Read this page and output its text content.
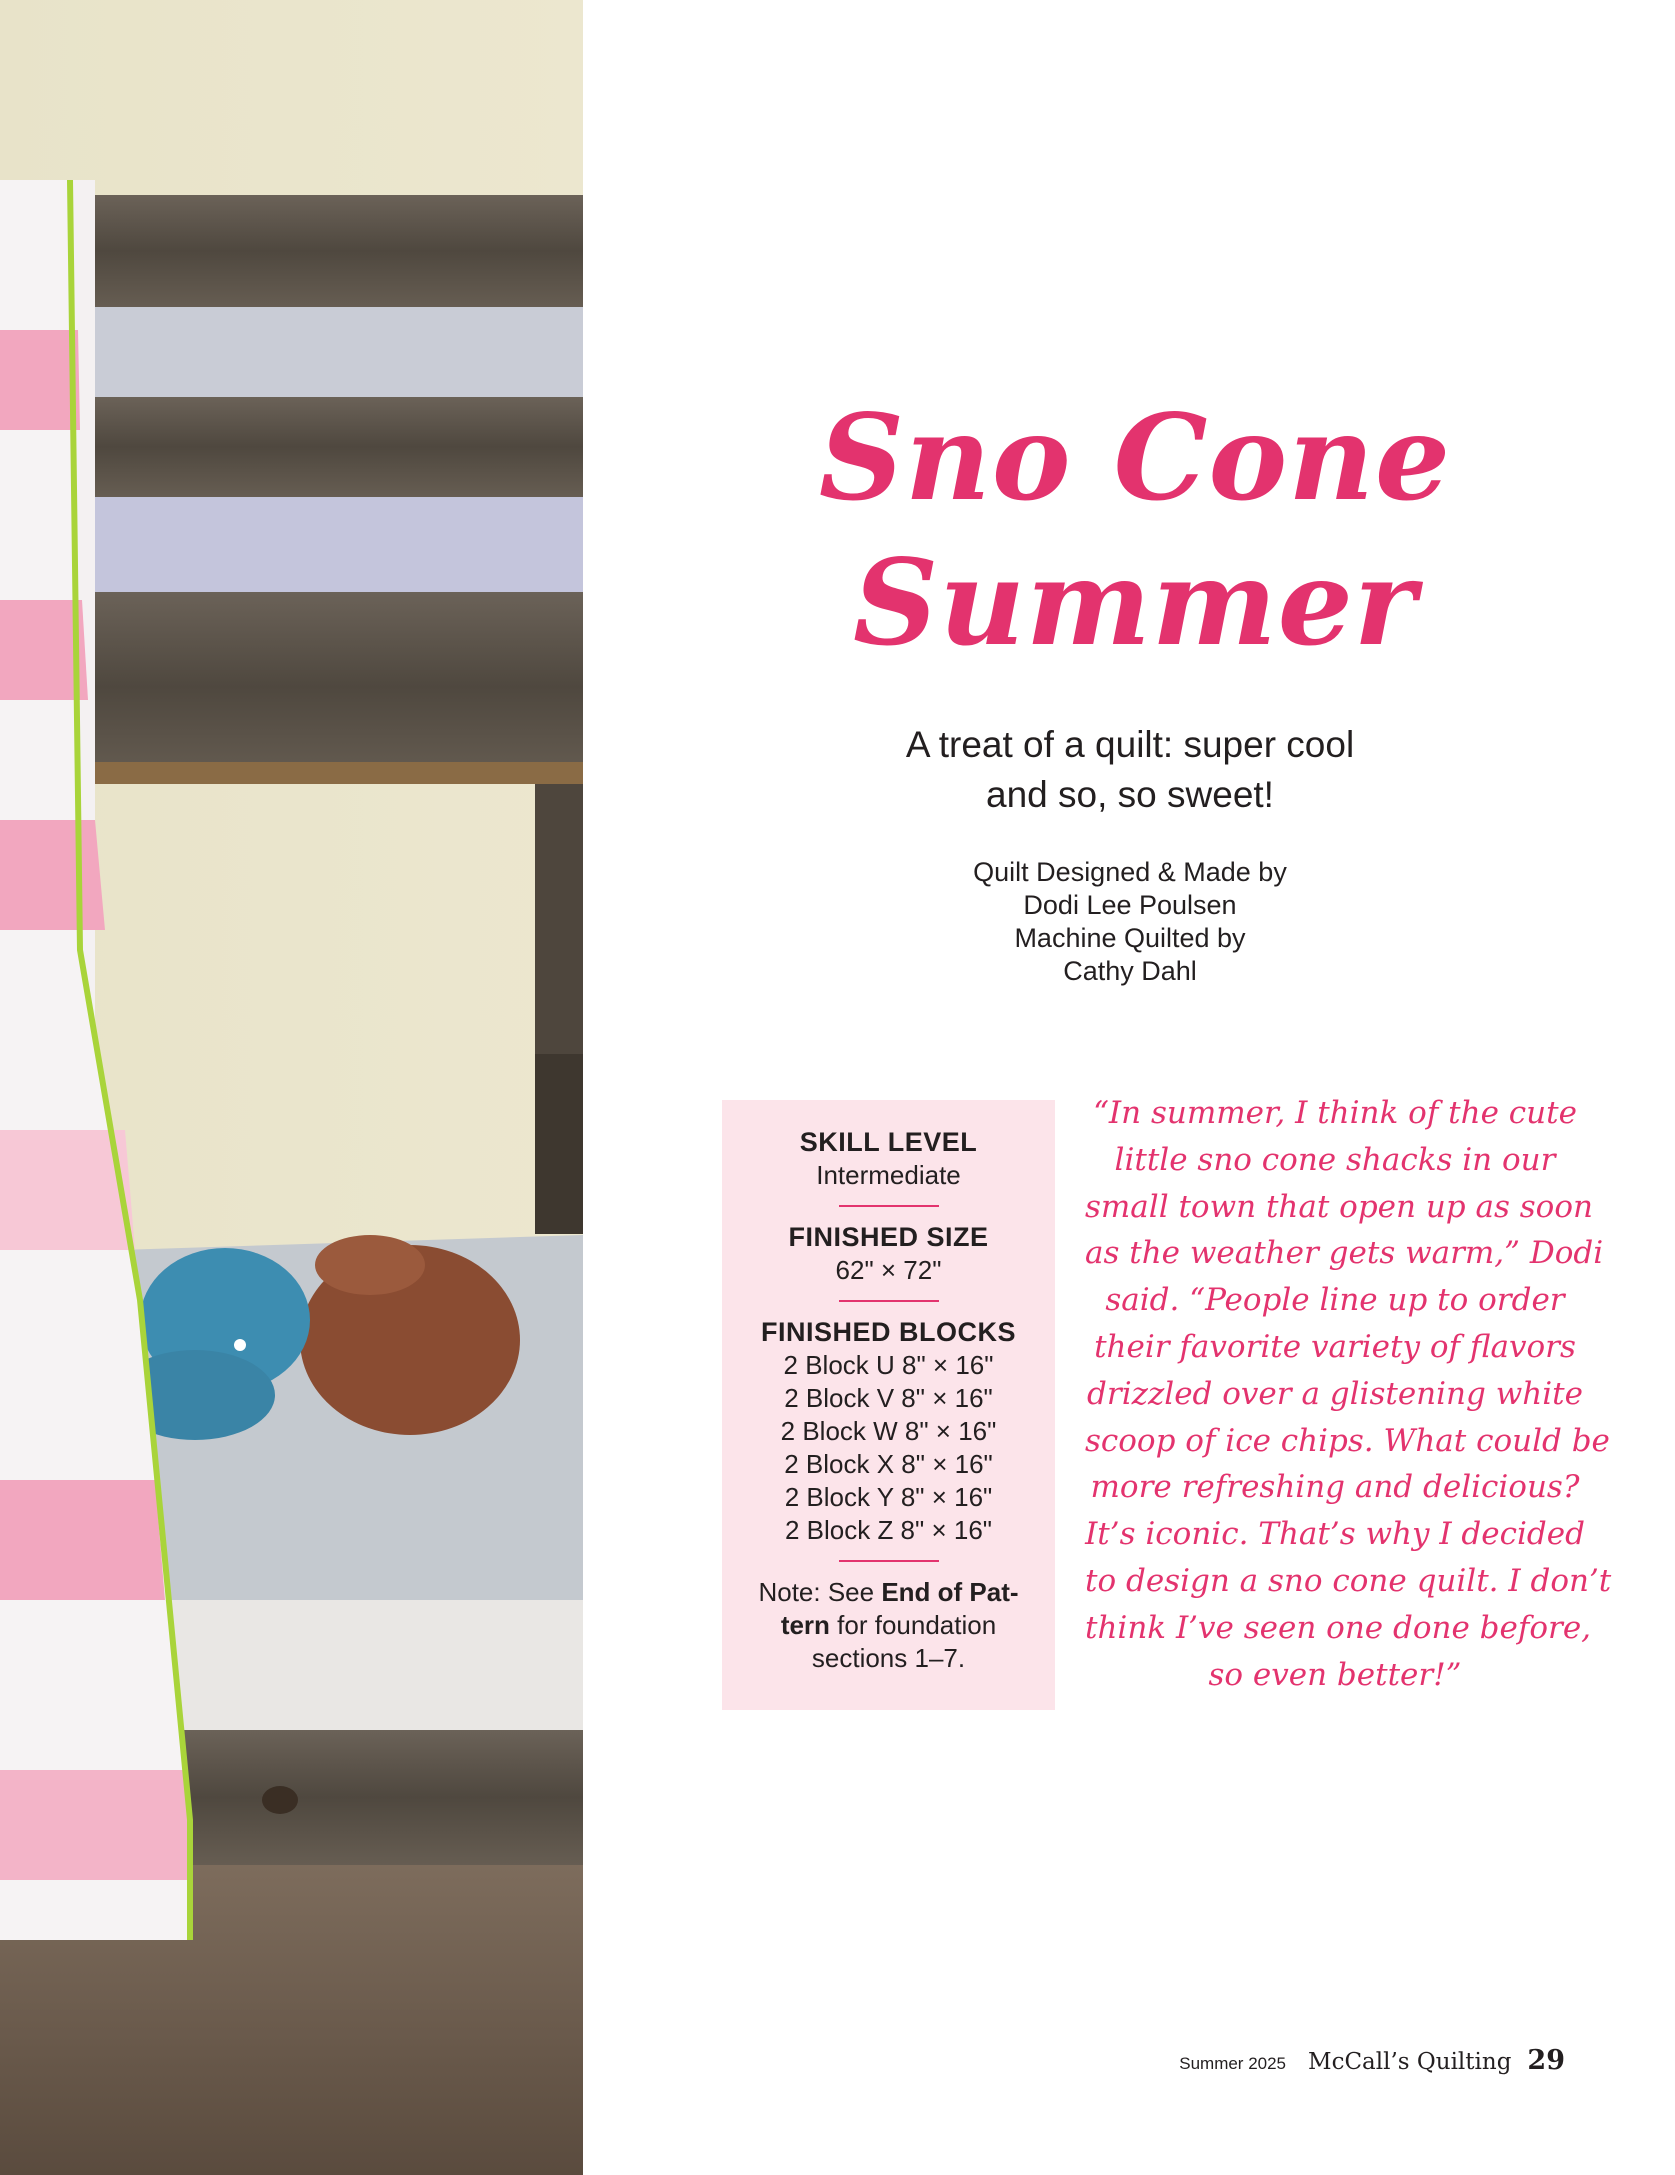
Sno Cone
Summer
A treat of a quilt: super cool
and so, so sweet!
Quilt Designed & Made by
Dodi Lee Poulsen
Machine Quilted by
Cathy Dahl
SKILL LEVEL
Intermediate
FINISHED SIZE
62" × 72"
FINISHED BLOCKS
2 Block U 8" × 16"
2 Block V 8" × 16"
2 Block W 8" × 16"
2 Block X 8" × 16"
2 Block Y 8" × 16"
2 Block Z 8" × 16"
Note: See End of Pat-tern for foundation sections 1–7.
“In summer, I think of the cute
little sno cone shacks in our
small town that open up as soon
as the weather gets warm,” Dodi
said. “People line up to order
their favorite variety of flavors
drizzled over a glistening white
scoop of ice chips. What could be
more refreshing and delicious?
It’s iconic. That’s why I decided
to design a sno cone quilt. I don’t
think I’ve seen one done before,
so even better!”
Summer 2025 McCall’s Quilting 29
